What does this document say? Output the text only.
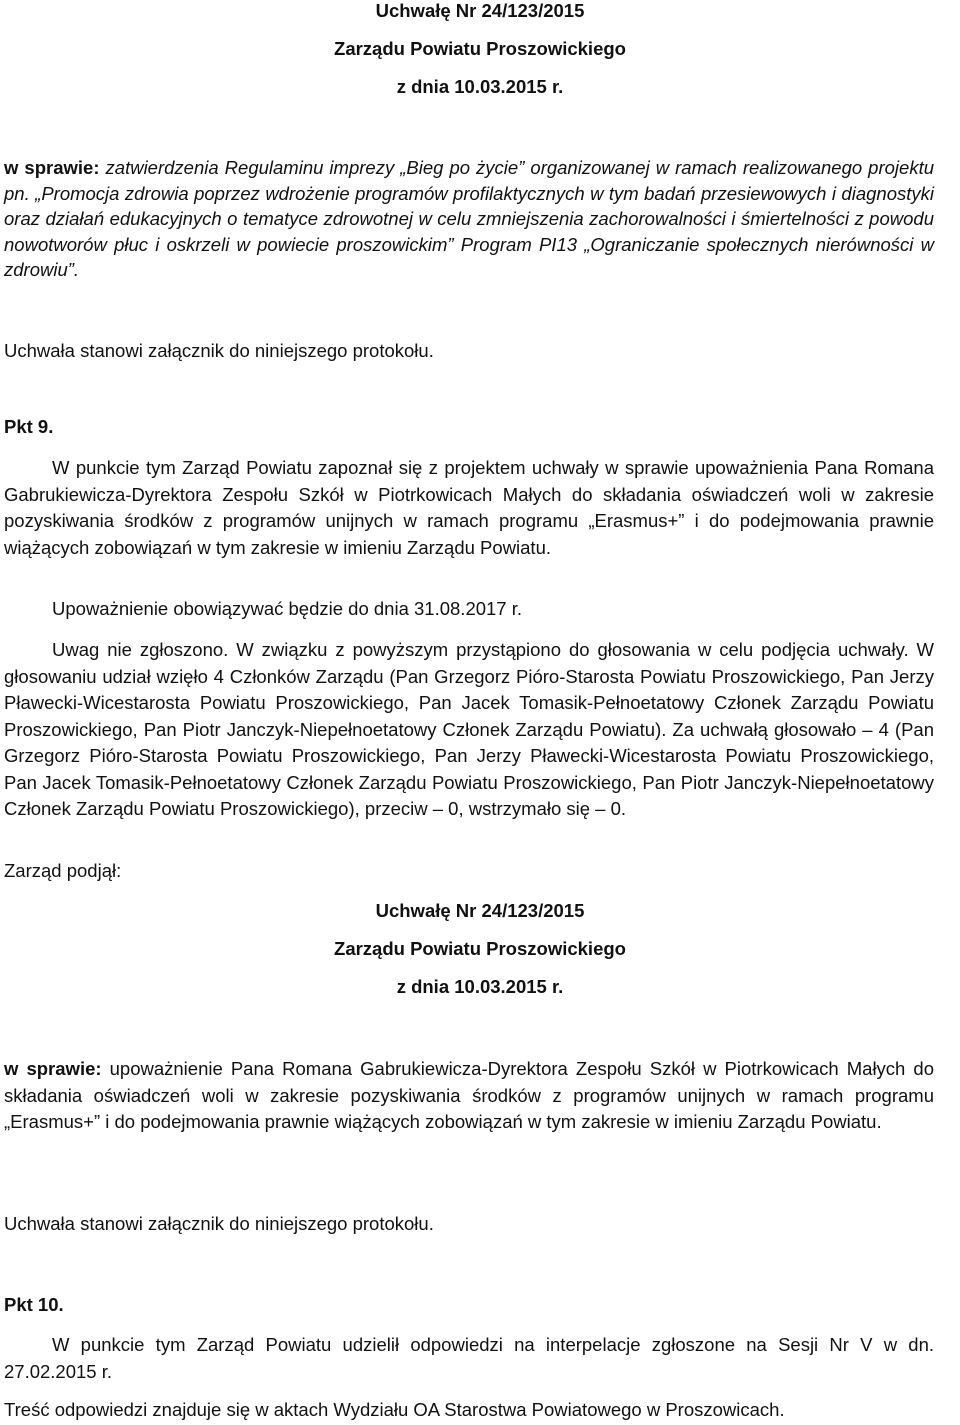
Uchwałę Nr 24/123/2015
Zarządu Powiatu Proszowickiego
z dnia 10.03.2015 r.
w sprawie: zatwierdzenia Regulaminu imprezy „Bieg po życie” organizowanej w ramach realizowanego projektu pn. „Promocja zdrowia poprzez wdrożenie programów profilaktycznych w tym badań przesiewowych i diagnostyki oraz działań edukacyjnych o tematyce zdrowotnej w celu zmniejszenia zachorowalności i śmiertelności z powodu nowotworów płuc i oskrzeli w powiecie proszowickim” Program PI13 „Ograniczanie społecznych nierówności w zdrowiu”.
Uchwała stanowi załącznik do niniejszego protokołu.
Pkt 9.
W punkcie tym Zarząd Powiatu zapoznał się z projektem uchwały w sprawie upoważnienia Pana Romana Gabrukiewicza-Dyrektora Zespołu Szkół w Piotrkowicach Małych do składania oświadczeń woli w zakresie pozyskiwania środków z programów unijnych w ramach programu „Erasmus+” i do podejmowania prawnie wiążących zobowiązań w tym zakresie w imieniu Zarządu Powiatu.
Upoważnienie obowiązywać będzie do dnia 31.08.2017 r.
Uwag nie zgłoszono. W związku z powyższym przystąpiono do głosowania w celu podjęcia uchwały. W głosowaniu udział wzięło 4 Członków Zarządu (Pan Grzegorz Pióro-Starosta Powiatu Proszowickiego, Pan Jerzy Pławecki-Wicestarosta Powiatu Proszowickiego, Pan Jacek Tomasik-Pełnoetatowy Członek Zarządu Powiatu Proszowickiego, Pan Piotr Janczyk-Niepełnoetatowy Członek Zarządu Powiatu). Za uchwałą głosowało – 4 (Pan Grzegorz Pióro-Starosta Powiatu Proszowickiego, Pan Jerzy Pławecki-Wicestarosta Powiatu Proszowickiego, Pan Jacek Tomasik-Pełnoetatowy Członek Zarządu Powiatu Proszowickiego, Pan Piotr Janczyk-Niepełnoetatowy Członek Zarządu Powiatu Proszowickiego), przeciw – 0, wstrzymało się – 0.
Zarząd podjął:
Uchwałę Nr 24/123/2015
Zarządu Powiatu Proszowickiego
z dnia 10.03.2015 r.
w sprawie: upoważnienie Pana Romana Gabrukiewicza-Dyrektora Zespołu Szkół w Piotrkowicach Małych do składania oświadczeń woli w zakresie pozyskiwania środków z programów unijnych w ramach programu „Erasmus+” i do podejmowania prawnie wiążących zobowiązań w tym zakresie w imieniu Zarządu Powiatu.
Uchwała stanowi załącznik do niniejszego protokołu.
Pkt 10.
W punkcie tym Zarząd Powiatu udzielił odpowiedzi na interpelacje zgłoszone na Sesji Nr V w dn. 27.02.2015 r.
Treść odpowiedzi znajduje się w aktach Wydziału OA Starostwa Powiatowego w Proszowicach.
